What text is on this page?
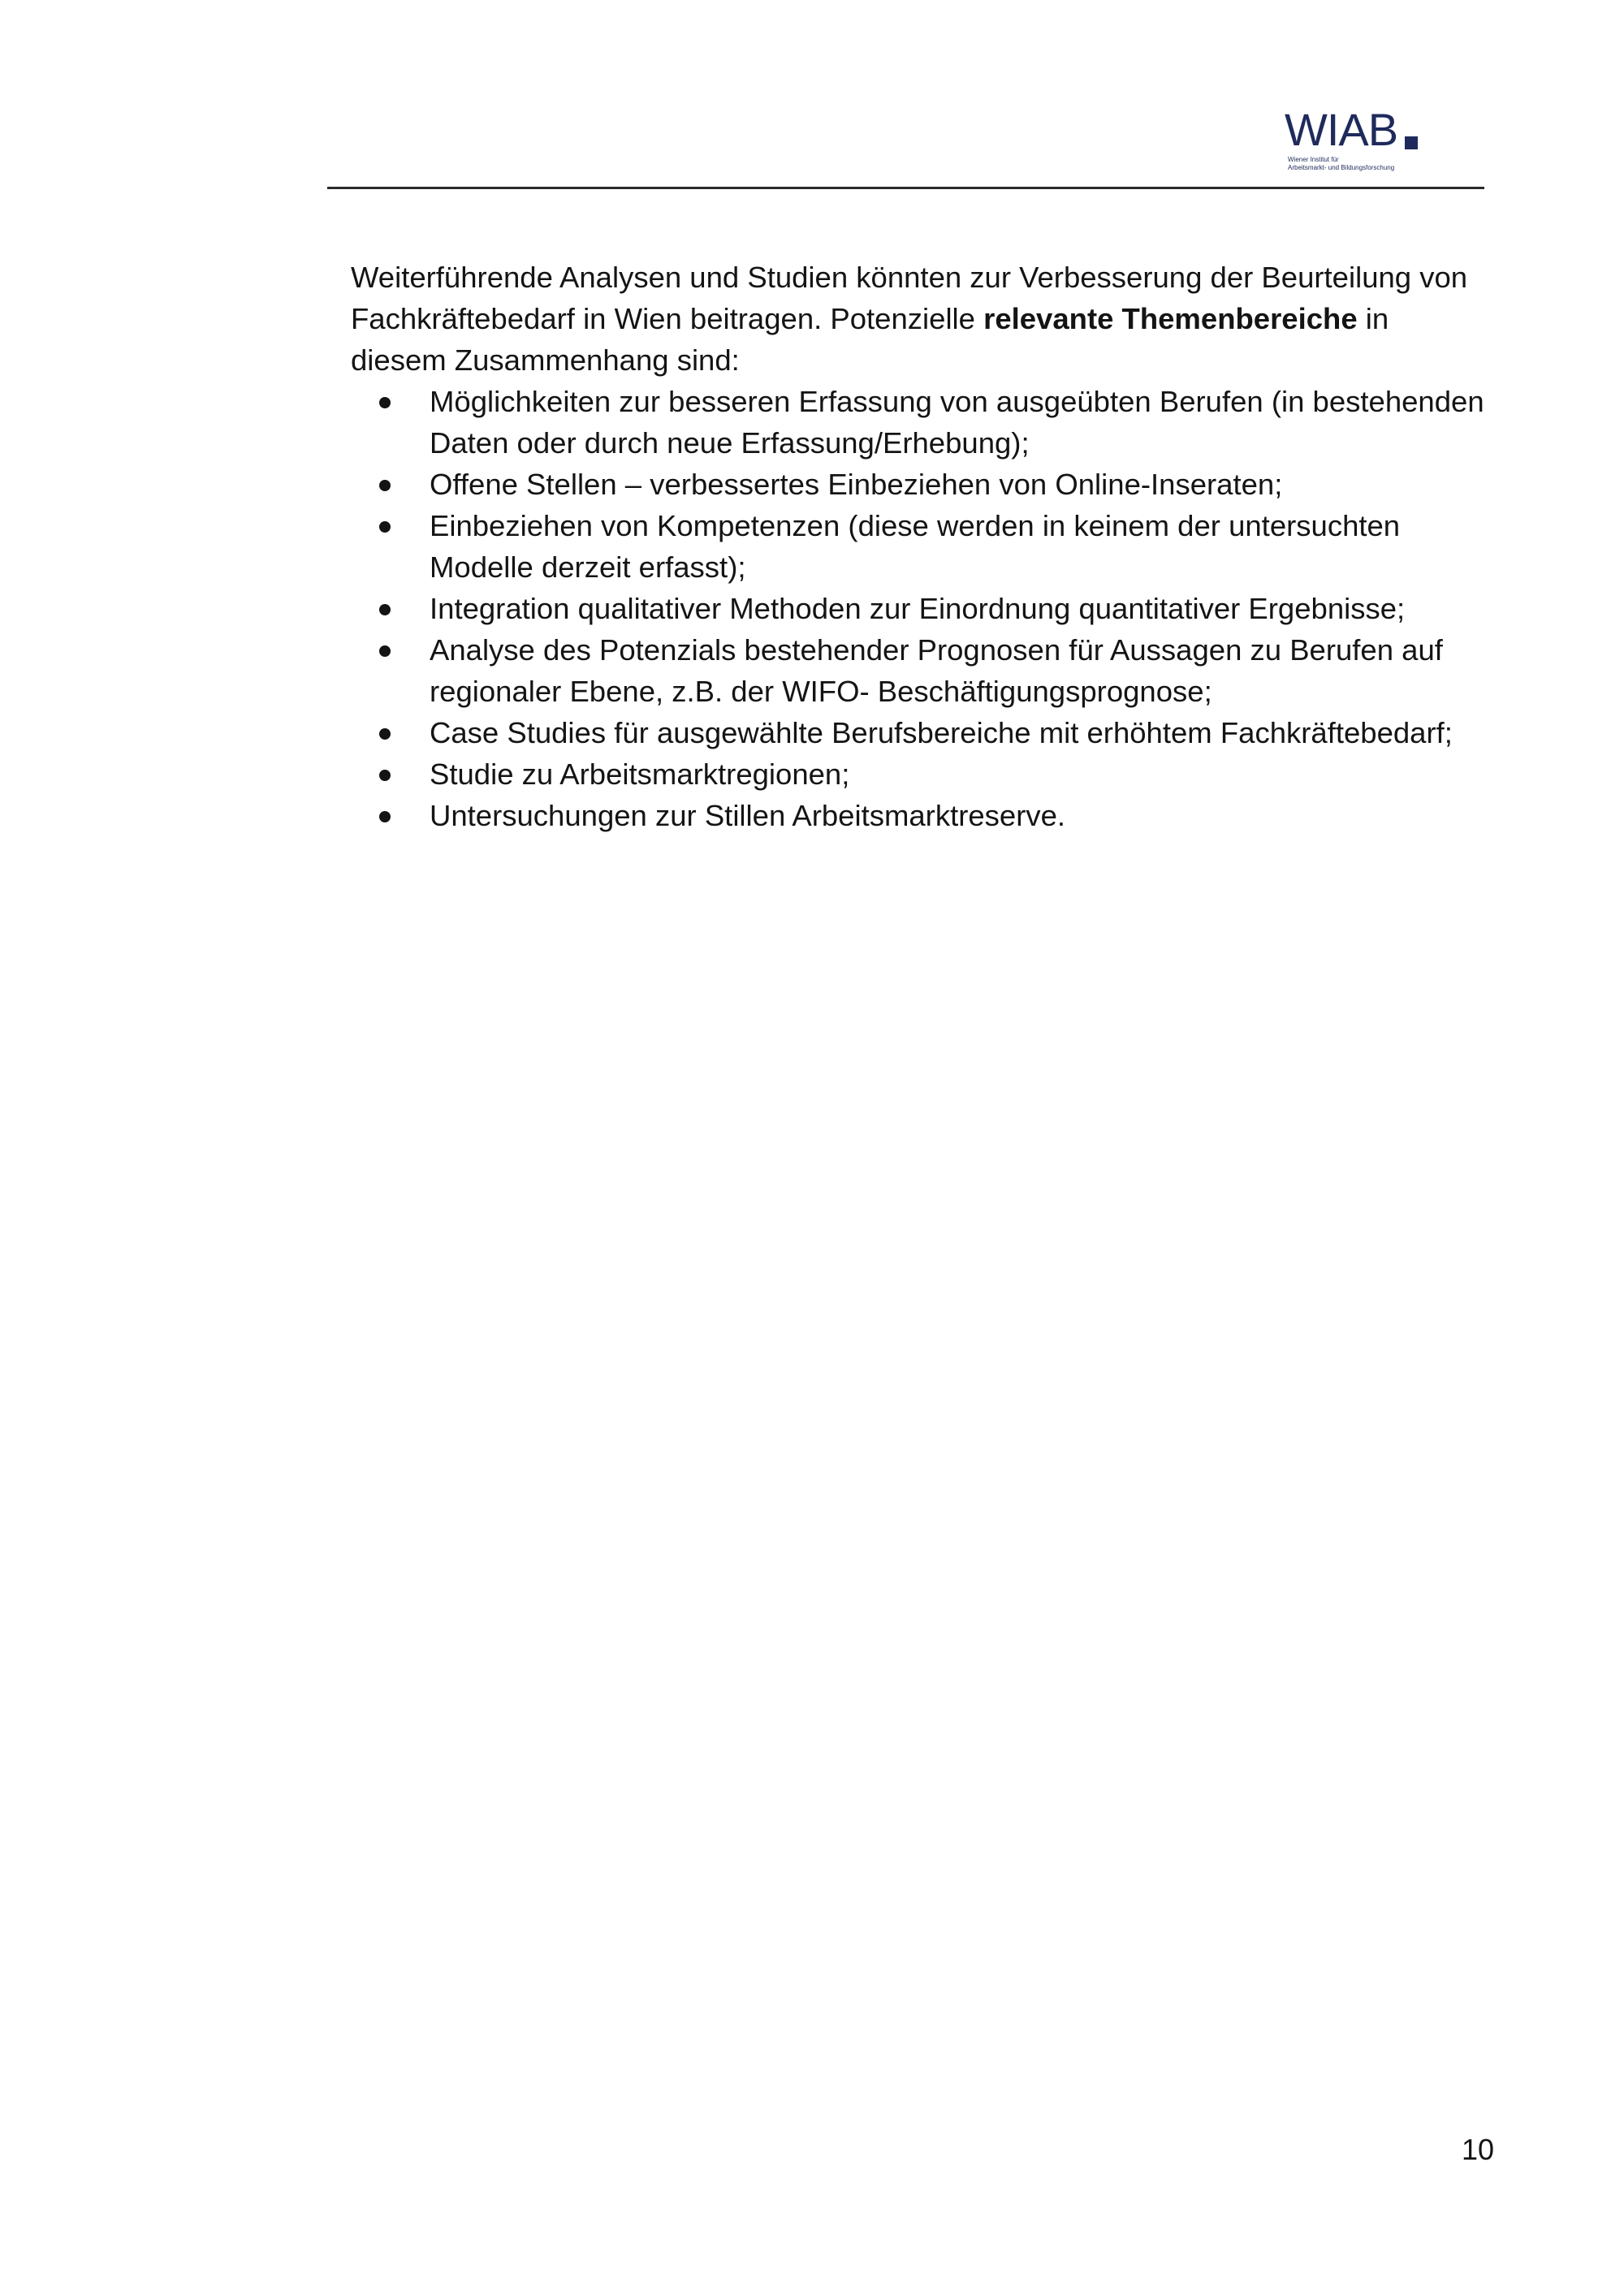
WIAB
Wiener Institut für
Arbeitsmarkt- und Bildungsforschung

Weiterführende Analysen und Studien könnten zur Verbesserung der Beurteilung von Fachkräftebedarf in Wien beitragen. Potenzielle relevante Themenbereiche in diesem Zusammenhang sind:

Möglichkeiten zur besseren Erfassung von ausgeübten Berufen (in bestehenden Daten oder durch neue Erfassung/Erhebung);
Offene Stellen – verbessertes Einbeziehen von Online-Inseraten;
Einbeziehen von Kompetenzen (diese werden in keinem der untersuchten Modelle derzeit erfasst);
Integration qualitativer Methoden zur Einordnung quantitativer Ergebnisse;
Analyse des Potenzials bestehender Prognosen für Aussagen zu Berufen auf regionaler Ebene, z.B. der WIFO- Beschäftigungsprognose;
Case Studies für ausgewählte Berufsbereiche mit erhöhtem Fachkräftebedarf;
Studie zu Arbeitsmarktregionen;
Untersuchungen zur Stillen Arbeitsmarktreserve.
10
